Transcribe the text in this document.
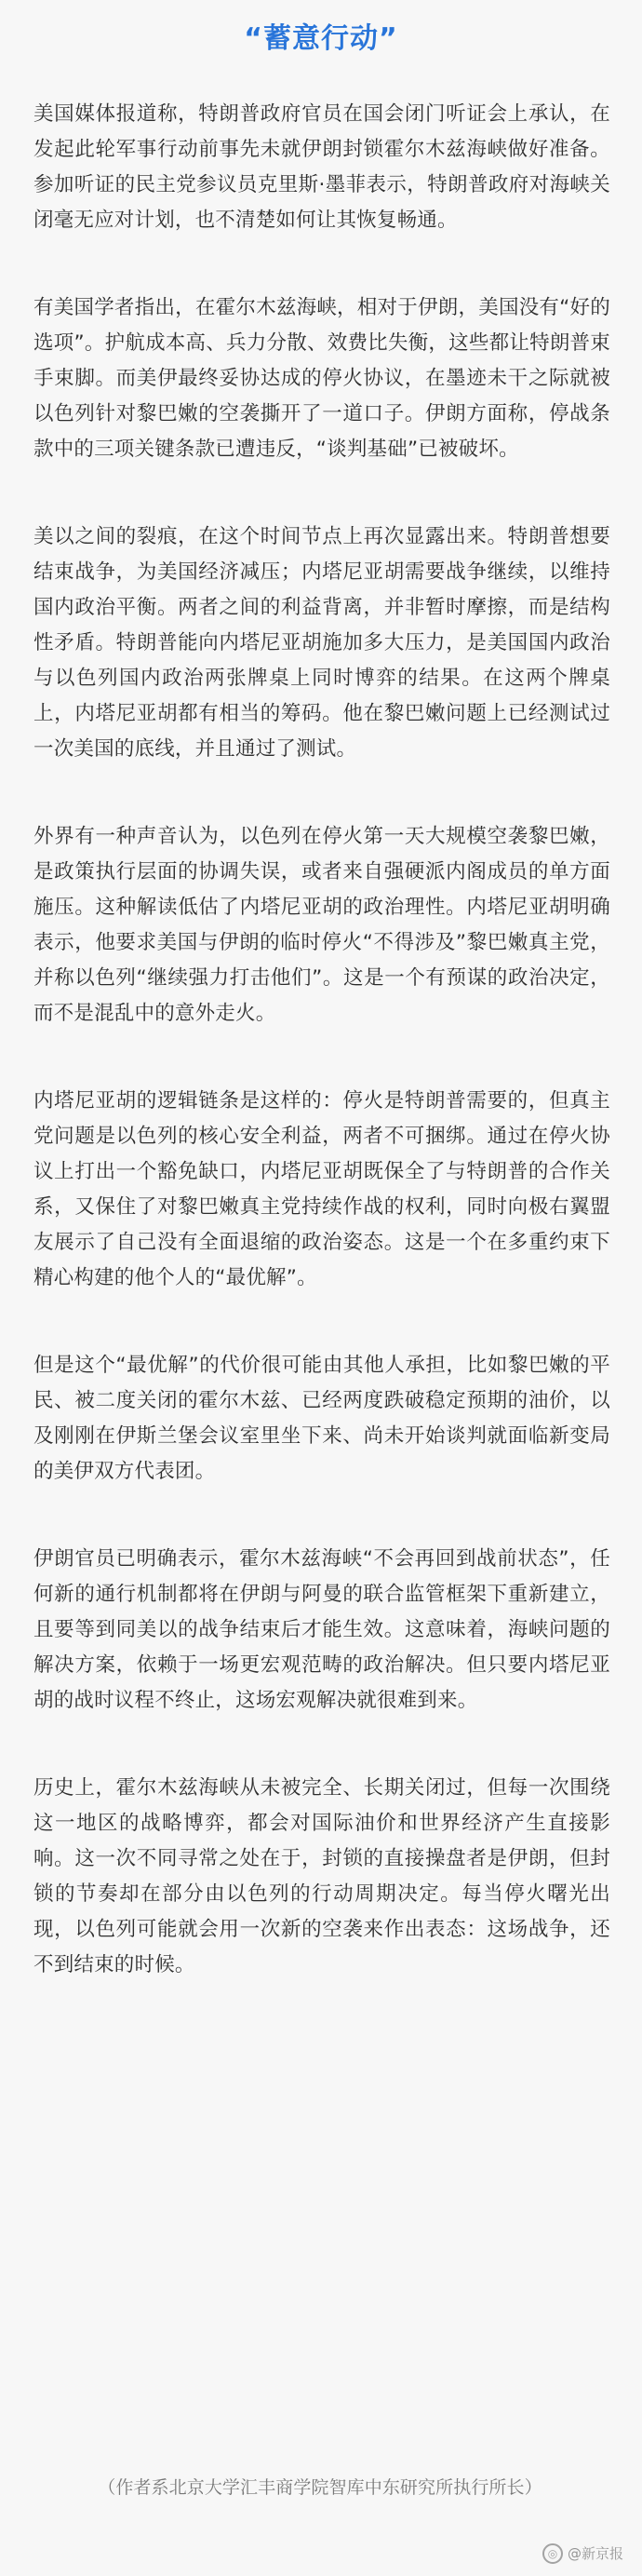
“蓄意行动”

美国媒体报道称，特朗普政府官员在国会闭门听证会上承认，在发起此轮军事行动前事先未就伊朗封锁霍尔木兹海峡做好准备。参加听证的民主党参议员克里斯·墨菲表示，特朗普政府对海峡关闭毫无应对计划，也不清楚如何让其恢复畅通。

有美国学者指出，在霍尔木兹海峡，相对于伊朗，美国没有“好的选项”。护航成本高、兵力分散、效费比失衡，这些都让特朗普束手束脚。而美伊最终妥协达成的停火协议，在墨迹未干之际就被以色列针对黎巴嫩的空袭撕开了一道口子。伊朗方面称，停战条款中的三项关键条款已遭违反，“谈判基础”已被破坏。

美以之间的裂痕，在这个时间节点上再次显露出来。特朗普想要结束战争，为美国经济减压；内塔尼亚胡需要战争继续，以维持国内政治平衡。两者之间的利益背离，并非暂时摩擦，而是结构性矛盾。特朗普能向内塔尼亚胡施加多大压力，是美国国内政治与以色列国内政治两张牌桌上同时博弈的结果。在这两个牌桌上，内塔尼亚胡都有相当的筹码。他在黎巴嫩问题上已经测试过一次美国的底线，并且通过了测试。

外界有一种声音认为，以色列在停火第一天大规模空袭黎巴嫩，是政策执行层面的协调失误，或者来自强硬派内阁成员的单方面施压。这种解读低估了内塔尼亚胡的政治理性。内塔尼亚胡明确表示，他要求美国与伊朗的临时停火“不得涉及”黎巴嫩真主党，并称以色列“继续强力打击他们”。这是一个有预谋的政治决定，而不是混乱中的意外走火。

内塔尼亚胡的逻辑链条是这样的：停火是特朗普需要的，但真主党问题是以色列的核心安全利益，两者不可捆绑。通过在停火协议上打出一个豁免缺口，内塔尼亚胡既保全了与特朗普的合作关系，又保住了对黎巴嫩真主党持续作战的权利，同时向极右翼盟友展示了自己没有全面退缩的政治姿态。这是一个在多重约束下精心构建的他个人的“最优解”。

但是这个“最优解”的代价很可能由其他人承担，比如黎巴嫩的平民、被二度关闭的霍尔木兹、已经两度跌破稳定预期的油价，以及刚刚在伊斯兰堡会议室里坐下来、尚未开始谈判就面临新变局的美伊双方代表团。

伊朗官员已明确表示，霍尔木兹海峡“不会再回到战前状态”，任何新的通行机制都将在伊朗与阿曼的联合监管框架下重新建立，且要等到同美以的战争结束后才能生效。这意味着，海峡问题的解决方案，依赖于一场更宏观范畴的政治解决。但只要内塔尼亚胡的战时议程不终止，这场宏观解决就很难到来。

历史上，霍尔木兹海峡从未被完全、长期关闭过，但每一次围绕这一地区的战略博弈，都会对国际油价和世界经济产生直接影响。这一次不同寻常之处在于，封锁的直接操盘者是伊朗，但封锁的节奏却在部分由以色列的行动周期决定。每当停火曙光出现，以色列可能就会用一次新的空袭来作出表态：这场战争，还不到结束的时候。

（作者系北京大学汇丰商学院智库中东研究所执行所长）
◎ @新京报
